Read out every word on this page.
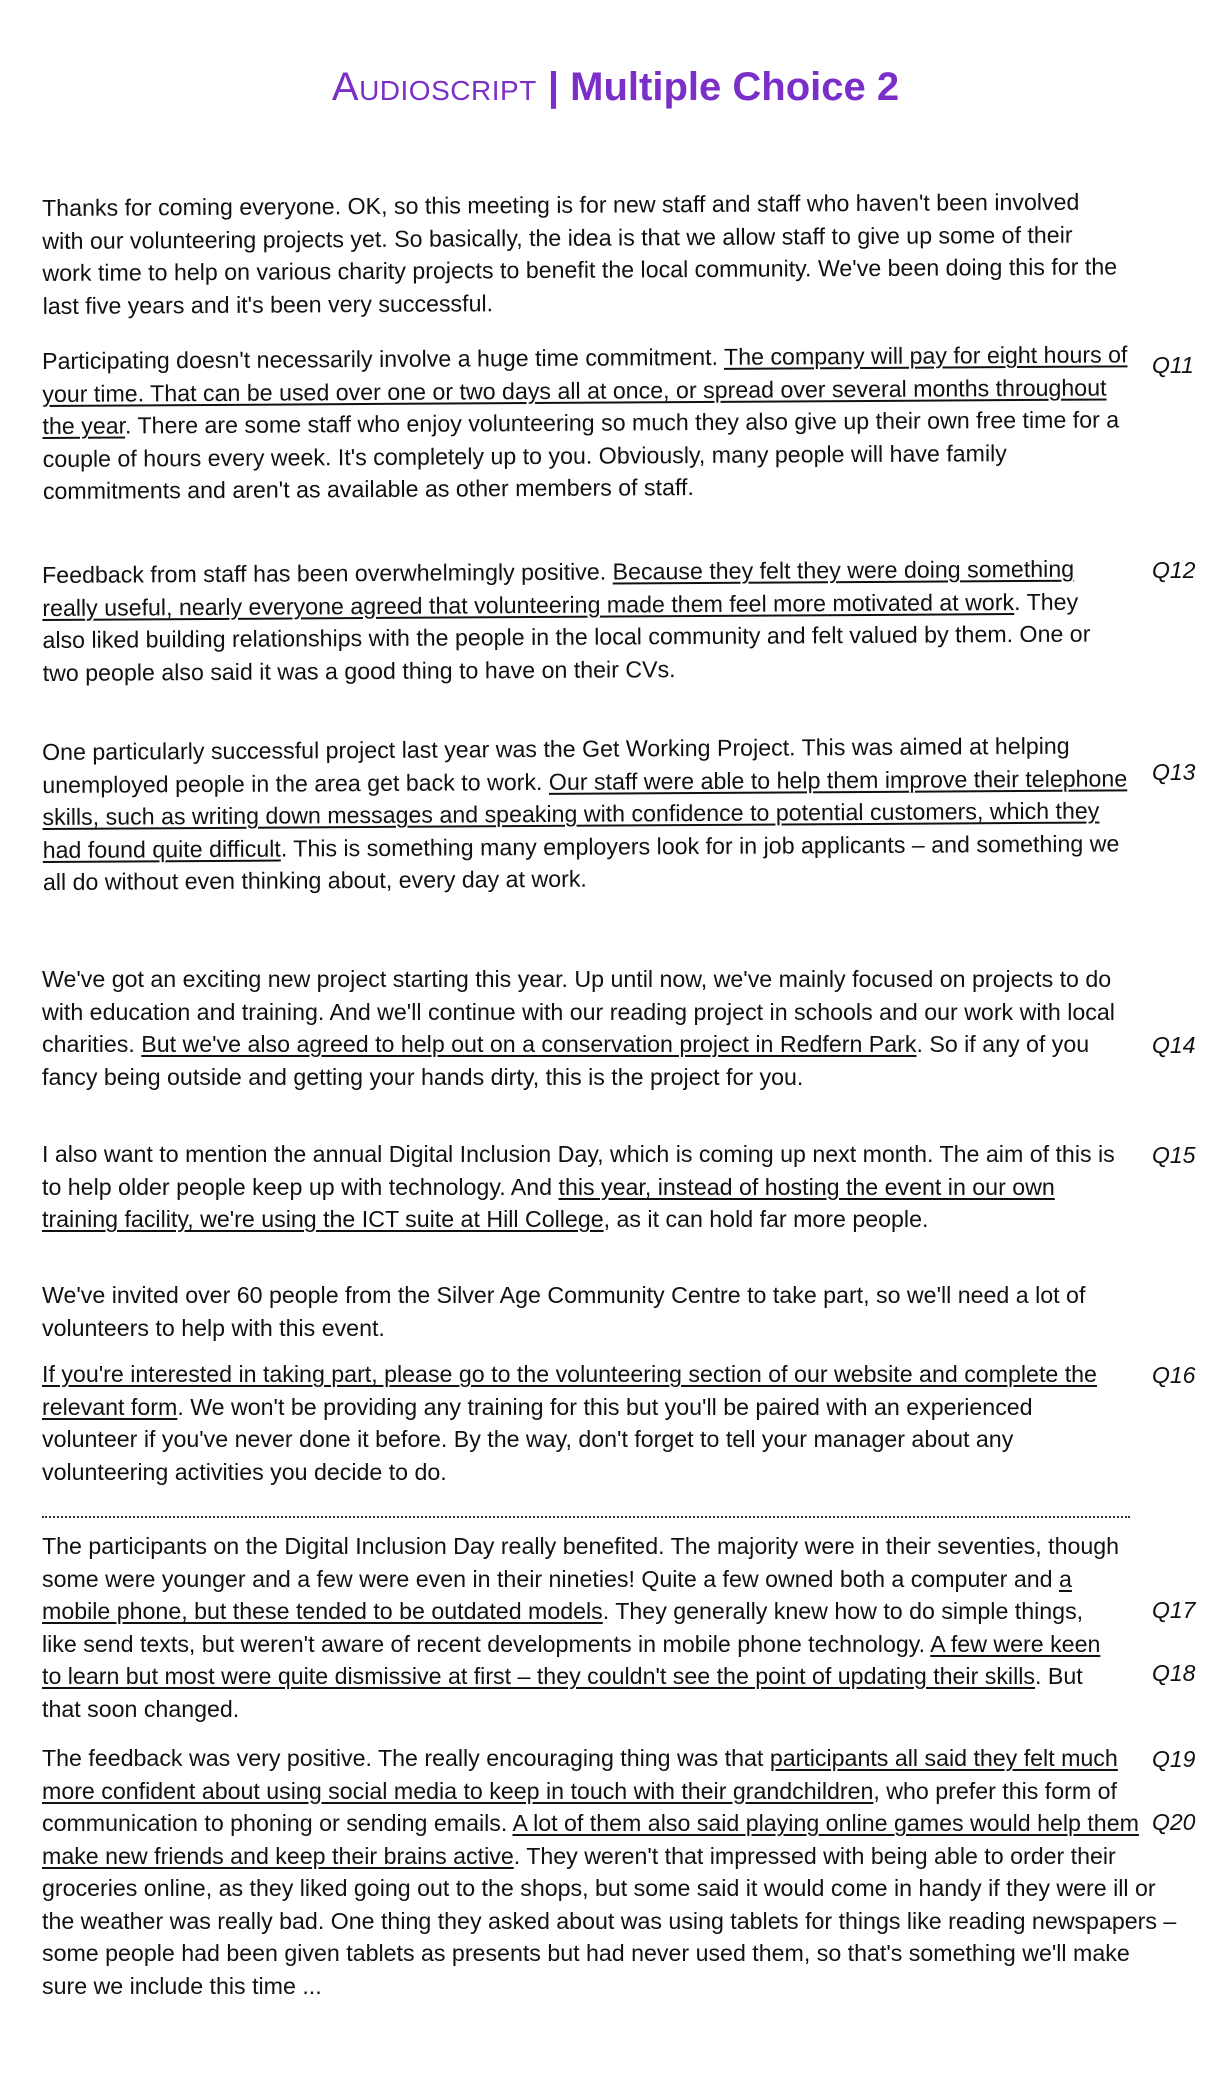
Audioscript | Multiple Choice 2

Thanks for coming everyone. OK, so this meeting is for new staff and staff who haven't been involved with our volunteering projects yet. So basically, the idea is that we allow staff to give up some of their work time to help on various charity projects to benefit the local community. We've been doing this for the last five years and it's been very successful.

Participating doesn't necessarily involve a huge time commitment. The company will pay for eight hours of your time. That can be used over one or two days all at once, or spread over several months throughout the year. There are some staff who enjoy volunteering so much they also give up their own free time for a couple of hours every week. It's completely up to you. Obviously, many people will have family commitments and aren't as available as other members of staff.

Q11

Feedback from staff has been overwhelmingly positive. Because they felt they were doing something really useful, nearly everyone agreed that volunteering made them feel more motivated at work. They also liked building relationships with the people in the local community and felt valued by them. One or two people also said it was a good thing to have on their CVs.

Q12

One particularly successful project last year was the Get Working Project. This was aimed at helping unemployed people in the area get back to work. Our staff were able to help them improve their telephone skills, such as writing down messages and speaking with confidence to potential customers, which they had found quite difficult. This is something many employers look for in job applicants – and something we all do without even thinking about, every day at work.

Q13

We've got an exciting new project starting this year. Up until now, we've mainly focused on projects to do with education and training. And we'll continue with our reading project in schools and our work with local charities. But we've also agreed to help out on a conservation project in Redfern Park. So if any of you fancy being outside and getting your hands dirty, this is the project for you.

Q14

I also want to mention the annual Digital Inclusion Day, which is coming up next month. The aim of this is to help older people keep up with technology. And this year, instead of hosting the event in our own training facility, we're using the ICT suite at Hill College, as it can hold far more people.

Q15

We've invited over 60 people from the Silver Age Community Centre to take part, so we'll need a lot of volunteers to help with this event.

If you're interested in taking part, please go to the volunteering section of our website and complete the relevant form. We won't be providing any training for this but you'll be paired with an experienced volunteer if you've never done it before. By the way, don't forget to tell your manager about any volunteering activities you decide to do.

Q16

The participants on the Digital Inclusion Day really benefited. The majority were in their seventies, though some were younger and a few were even in their nineties! Quite a few owned both a computer and a mobile phone, but these tended to be outdated models. They generally knew how to do simple things, like send texts, but weren't aware of recent developments in mobile phone technology. A few were keen to learn but most were quite dismissive at first – they couldn't see the point of updating their skills. But that soon changed.

Q17
Q18

The feedback was very positive. The really encouraging thing was that participants all said they felt much more confident about using social media to keep in touch with their grandchildren, who prefer this form of communication to phoning or sending emails. A lot of them also said playing online games would help them make new friends and keep their brains active. They weren't that impressed with being able to order their groceries online, as they liked going out to the shops, but some said it would come in handy if they were ill or the weather was really bad. One thing they asked about was using tablets for things like reading newspapers – some people had been given tablets as presents but had never used them, so that's something we'll make sure we include this time ...

Q19
Q20
